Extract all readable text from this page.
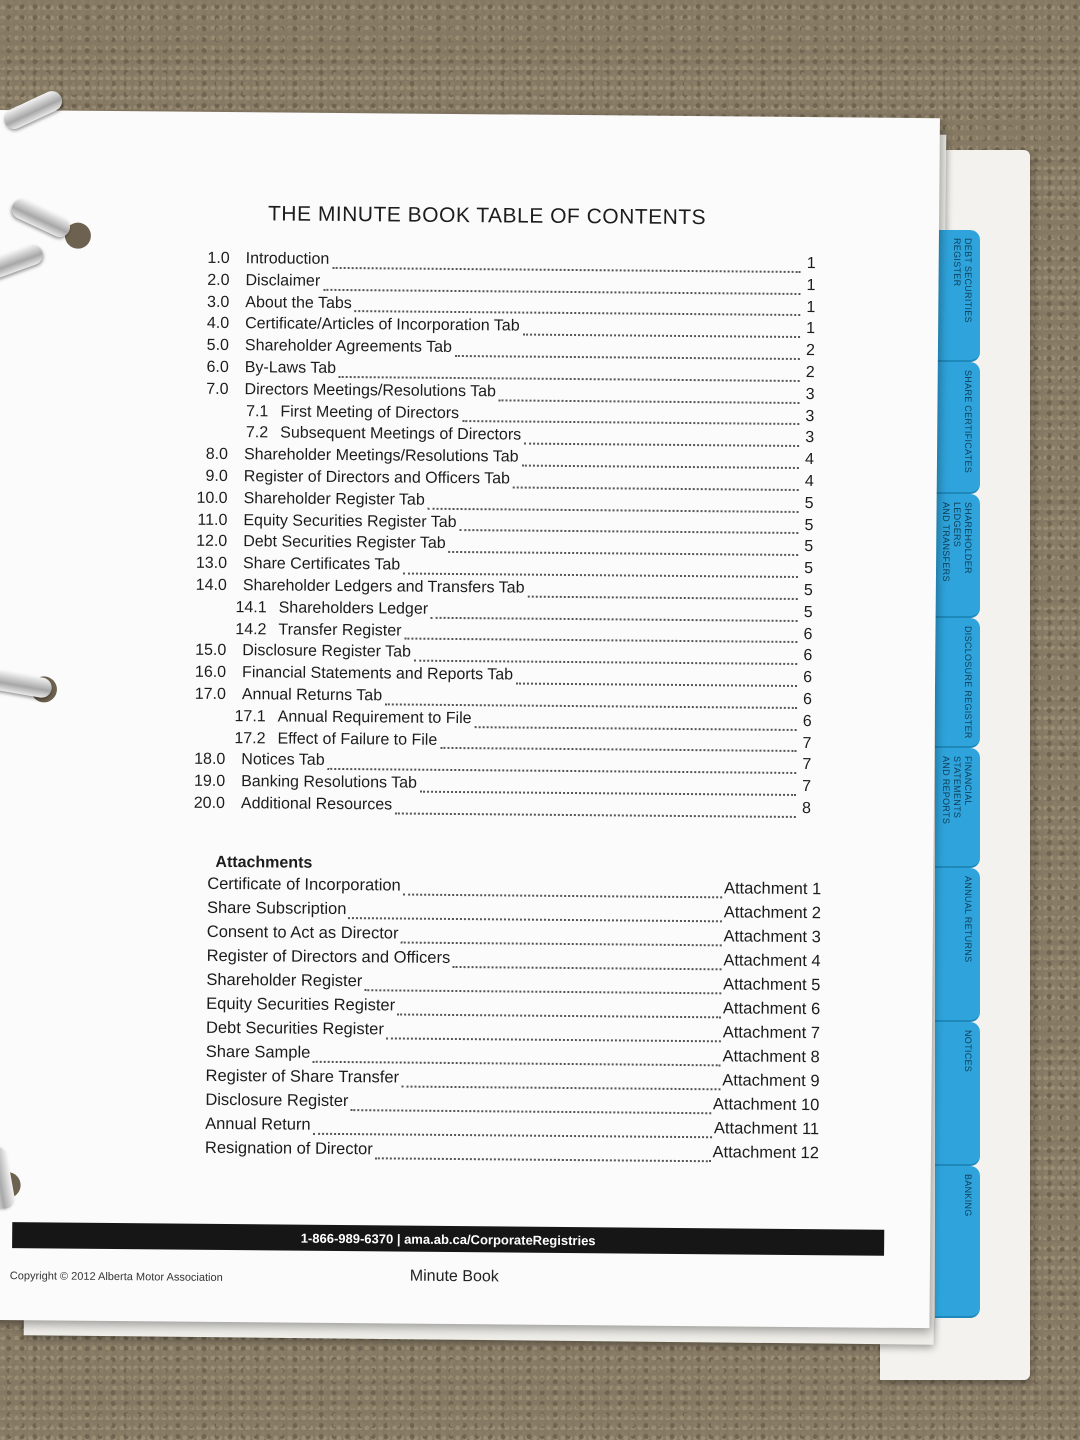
DEBT SECURITIES
REGISTER
SHARE CERTIFICATES
SHAREHOLDER LEDGERS
AND TRANSFERS
DISCLOSURE REGISTER
FINANCIAL STATEMENTS
AND REPORTS
ANNUAL RETURNS
NOTICES
BANKING
THE MINUTE BOOK TABLE OF CONTENTS
1.0 Introduction	1
2.0 Disclaimer	1
3.0 About the Tabs	1
4.0 Certificate/Articles of Incorporation Tab	1
5.0 Shareholder Agreements Tab	2
6.0 By-Laws Tab	2
7.0 Directors Meetings/Resolutions Tab	3
7.1 First Meeting of Directors	3
7.2 Subsequent Meetings of Directors	3
8.0 Shareholder Meetings/Resolutions Tab	4
9.0 Register of Directors and Officers Tab	4
10.0 Shareholder Register Tab	5
11.0 Equity Securities Register Tab	5
12.0 Debt Securities Register Tab	5
13.0 Share Certificates Tab	5
14.0 Shareholder Ledgers and Transfers Tab	5
14.1 Shareholders Ledger	5
14.2 Transfer Register	6
15.0 Disclosure Register Tab	6
16.0 Financial Statements and Reports Tab	6
17.0 Annual Returns Tab	6
17.1 Annual Requirement to File	6
17.2 Effect of Failure to File	7
18.0 Notices Tab	7
19.0 Banking Resolutions Tab	7
20.0 Additional Resources	8
Attachments
Certificate of Incorporation	Attachment 1
Share Subscription	Attachment 2
Consent to Act as Director	Attachment 3
Register of Directors and Officers	Attachment 4
Shareholder Register	Attachment 5
Equity Securities Register	Attachment 6
Debt Securities Register	Attachment 7
Share Sample	Attachment 8
Register of Share Transfer	Attachment 9
Disclosure Register	Attachment 10
Annual Return	Attachment 11
Resignation of Director	Attachment 12
1-866-989-6370 | ama.ab.ca/CorporateRegistries
Copyright © 2012 Alberta Motor Association	Minute Book
